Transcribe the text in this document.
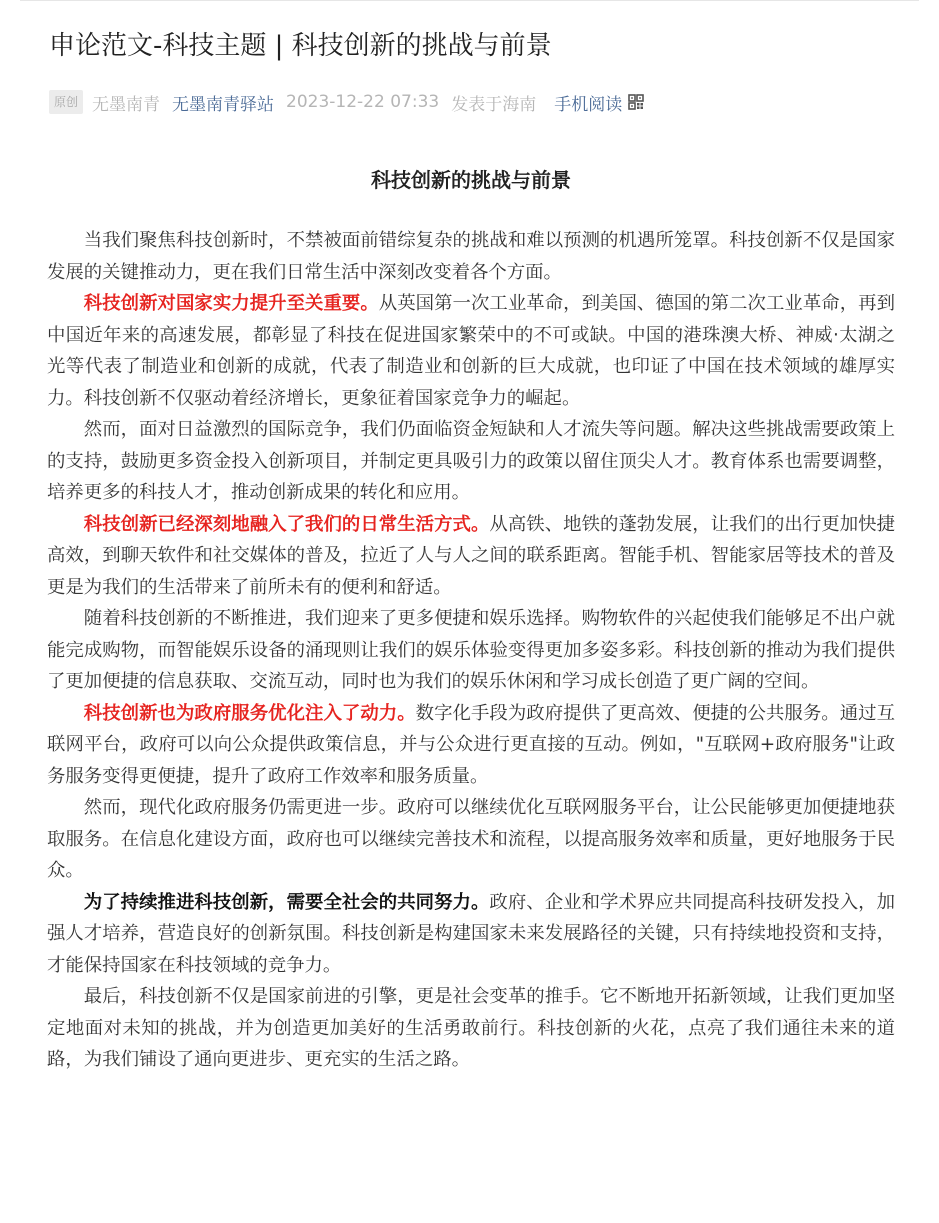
申论范文-科技主题 | 科技创新的挑战与前景
原创 无墨南青 无墨南青驿站 2023-12-22 07:33 发表于海南 手机阅读
科技创新的挑战与前景

当我们聚焦科技创新时，不禁被面前错综复杂的挑战和难以预测的机遇所笼罩。科技创新不仅是国家发展的关键推动力，更在我们日常生活中深刻改变着各个方面。

科技创新对国家实力提升至关重要。从英国第一次工业革命，到美国、德国的第二次工业革命，再到中国近年来的高速发展，都彰显了科技在促进国家繁荣中的不可或缺。中国的港珠澳大桥、神威·太湖之光等代表了制造业和创新的成就，代表了制造业和创新的巨大成就，也印证了中国在技术领域的雄厚实力。科技创新不仅驱动着经济增长，更象征着国家竞争力的崛起。

然而，面对日益激烈的国际竞争，我们仍面临资金短缺和人才流失等问题。解决这些挑战需要政策上的支持，鼓励更多资金投入创新项目，并制定更具吸引力的政策以留住顶尖人才。教育体系也需要调整，培养更多的科技人才，推动创新成果的转化和应用。

科技创新已经深刻地融入了我们的日常生活方式。从高铁、地铁的蓬勃发展，让我们的出行更加快捷高效，到聊天软件和社交媒体的普及，拉近了人与人之间的联系距离。智能手机、智能家居等技术的普及更是为我们的生活带来了前所未有的便利和舒适。

随着科技创新的不断推进，我们迎来了更多便捷和娱乐选择。购物软件的兴起使我们能够足不出户就能完成购物，而智能娱乐设备的涌现则让我们的娱乐体验变得更加多姿多彩。科技创新的推动为我们提供了更加便捷的信息获取、交流互动，同时也为我们的娱乐休闲和学习成长创造了更广阔的空间。

科技创新也为政府服务优化注入了动力。数字化手段为政府提供了更高效、便捷的公共服务。通过互联网平台，政府可以向公众提供政策信息，并与公众进行更直接的互动。例如，"互联网+政府服务"让政务服务变得更便捷，提升了政府工作效率和服务质量。

然而，现代化政府服务仍需更进一步。政府可以继续优化互联网服务平台，让公民能够更加便捷地获取服务。在信息化建设方面，政府也可以继续完善技术和流程，以提高服务效率和质量，更好地服务于民众。

为了持续推进科技创新，需要全社会的共同努力。政府、企业和学术界应共同提高科技研发投入，加强人才培养，营造良好的创新氛围。科技创新是构建国家未来发展路径的关键，只有持续地投资和支持，才能保持国家在科技领域的竞争力。

最后，科技创新不仅是国家前进的引擎，更是社会变革的推手。它不断地开拓新领域，让我们更加坚定地面对未知的挑战，并为创造更加美好的生活勇敢前行。科技创新的火花，点亮了我们通往未来的道路，为我们铺设了通向更进步、更充实的生活之路。
